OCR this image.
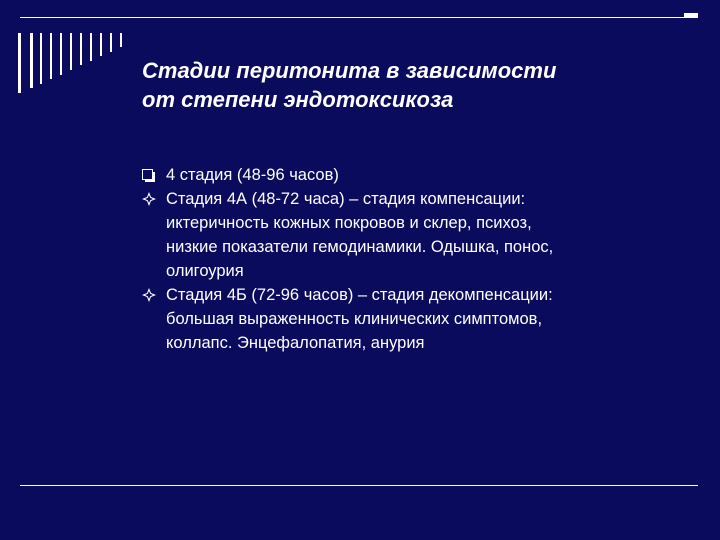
Стадии перитонита в зависимости
от степени эндотоксикоза
4 стадия (48-96 часов)
Стадия 4А (48-72 часа) – стадия компенсации:
иктеричность кожных покровов и склер, психоз,
низкие показатели гемодинамики. Одышка, понос,
олигоурия
Стадия 4Б (72-96 часов) – стадия декомпенсации:
большая выраженность клинических симптомов,
коллапс. Энцефалопатия, анурия
